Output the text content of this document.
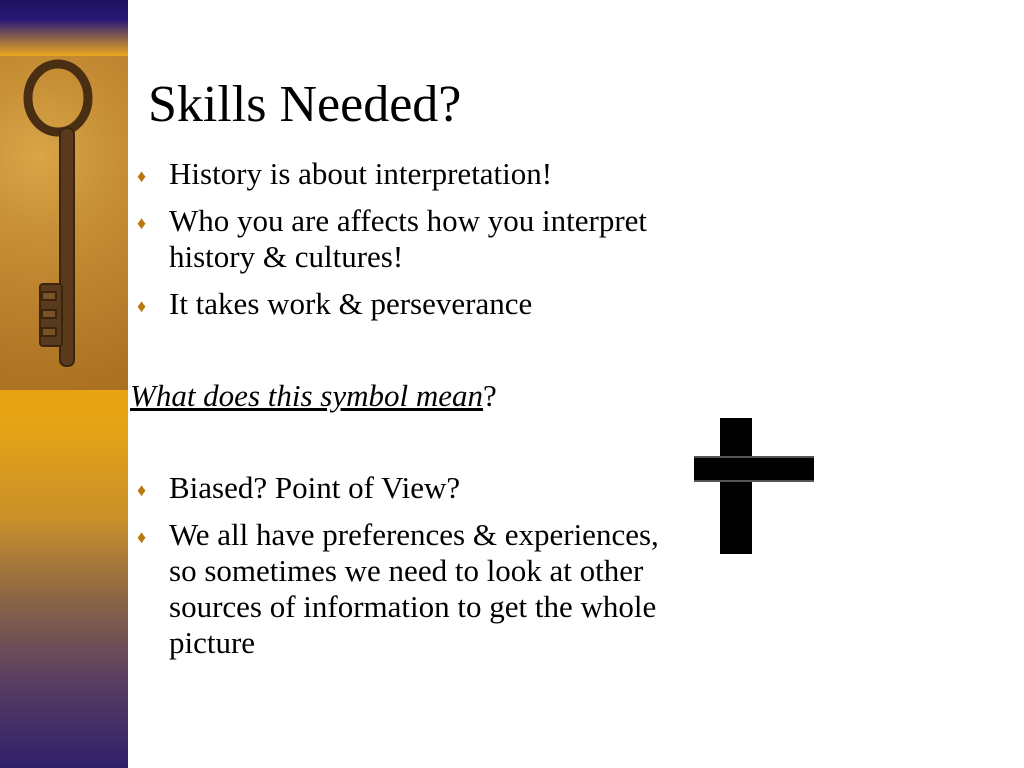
Skills Needed?
♦ History is about interpretation!
♦ Who you are affects how you interpret history & cultures!
♦ It takes work & perseverance
What does this symbol mean?
♦ Biased? Point of View?
♦ We all have preferences & experiences, so sometimes we need to look at other sources of information to get the whole picture
